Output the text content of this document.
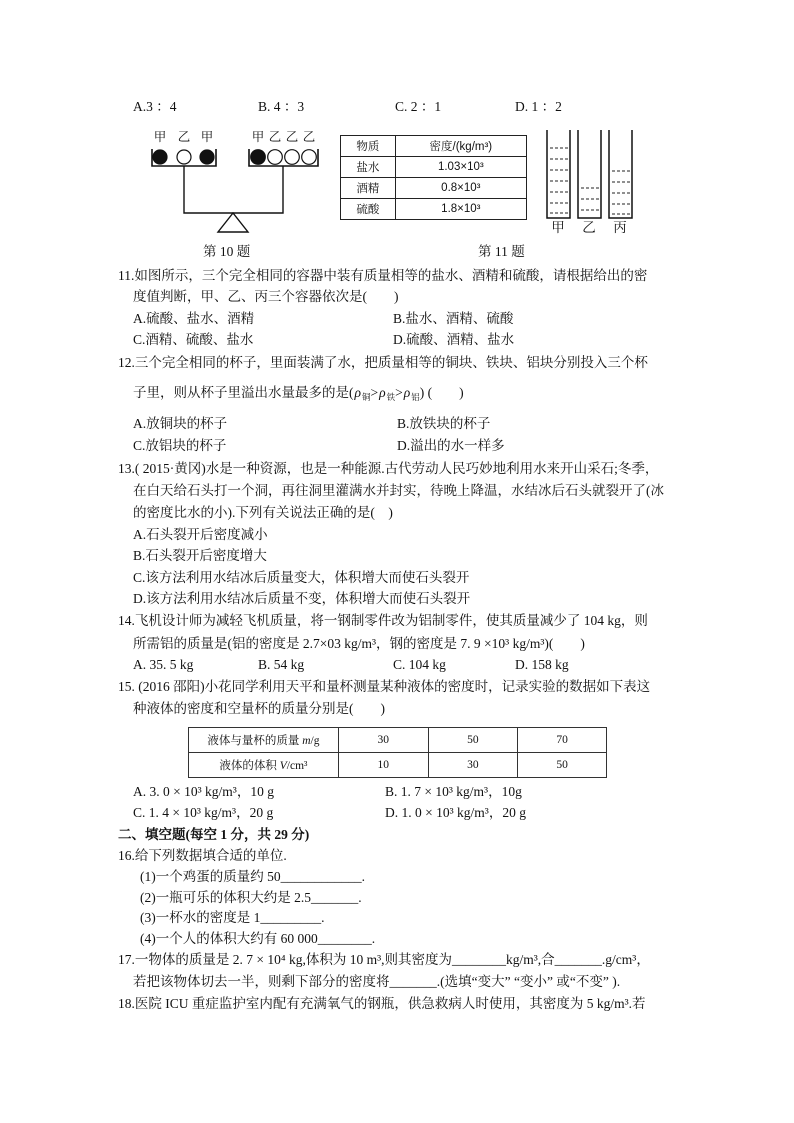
A.3 ：4	B. 4 ：3	C. 2 ：1	D. 1 ：2
甲 乙 甲	甲 乙 乙 乙
第 10 题
物质	密度/(kg/m³)
盐水	1.03×10³
酒精	0.8×10³
硫酸	1.8×10³
甲	乙	丙
第 11 题
11.如图所示，三个完全相同的容器中装有质量相等的盐水、酒精和硫酸，请根据给出的密
度值判断，甲、乙、丙三个容器依次是(　　)
A.硫酸、盐水、酒精	B.盐水、酒精、硫酸
C.酒精、硫酸、盐水	D.硫酸、酒精、盐水
12.三个完全相同的杯子，里面装满了水，把质量相等的铜块、铁块、铝块分别投入三个杯
子里，则从杯子里溢出水量最多的是$(\rho_铜>\rho_铁>\rho_铝)$ (　　)
A.放铜块的杯子	B.放铁块的杯子
C.放铝块的杯子	D.溢出的水一样多
13.( 2015·黄冈)水是一种资源，也是一种能源.古代劳动人民巧妙地利用水来开山采石;冬季，
在白天给石头打一个洞，再往洞里灌满水并封实，待晚上降温，水结冰后石头就裂开了(冰
的密度比水的小).下列有关说法正确的是(　)
A.石头裂开后密度减小
B.石头裂开后密度增大
C.该方法利用水结冰后质量变大，体积增大而使石头裂开
D.该方法利用水结冰后质量不变，体积增大而使石头裂开
14.飞机设计师为减轻飞机质量，将一钢制零件改为铝制零件，使其质量减少了 104 kg，则
所需铝的质量是(铝的密度是 2.7×03 kg/m³，钢的密度是 7. 9 ×10³ kg/m³)(　　)
A. 35. 5 kg	B. 54 kg	C. 104 kg	D. 158 kg
15. (2016 邵阳)小花同学利用天平和量杯测量某种液体的密度时，记录实验的数据如下表这
种液体的密度和空量杯的质量分别是(　　)
液体与量杯的质量 m/g	30	50	70
液体的体积 V/cm³	10	30	50
A. 3. 0 × 10³ kg/m³，10 g	B. 1. 7 × 10³ kg/m³，10g
C. 1. 4 × 10³ kg/m³，20 g	D. 1. 0 × 10³ kg/m³，20 g
二、填空题(每空 1 分，共 29 分)
16.给下列数据填合适的单位.
(1)一个鸡蛋的质量约 50____________.
(2)一瓶可乐的体积大约是 2.5_______.
(3)一杯水的密度是 1_________.
(4)一个人的体积大约有 60 000________.
17.一物体的质量是 2. 7 × 10⁴ kg,体积为 10 m³,则其密度为________kg/m³,合_______.g/cm³，
若把该物体切去一半，则剩下部分的密度将_______.(选填“变大” “变小” 或“不变” ).
18.医院 ICU 重症监护室内配有充满氧气的钢瓶，供急救病人时使用，其密度为 5 kg/m³.若
